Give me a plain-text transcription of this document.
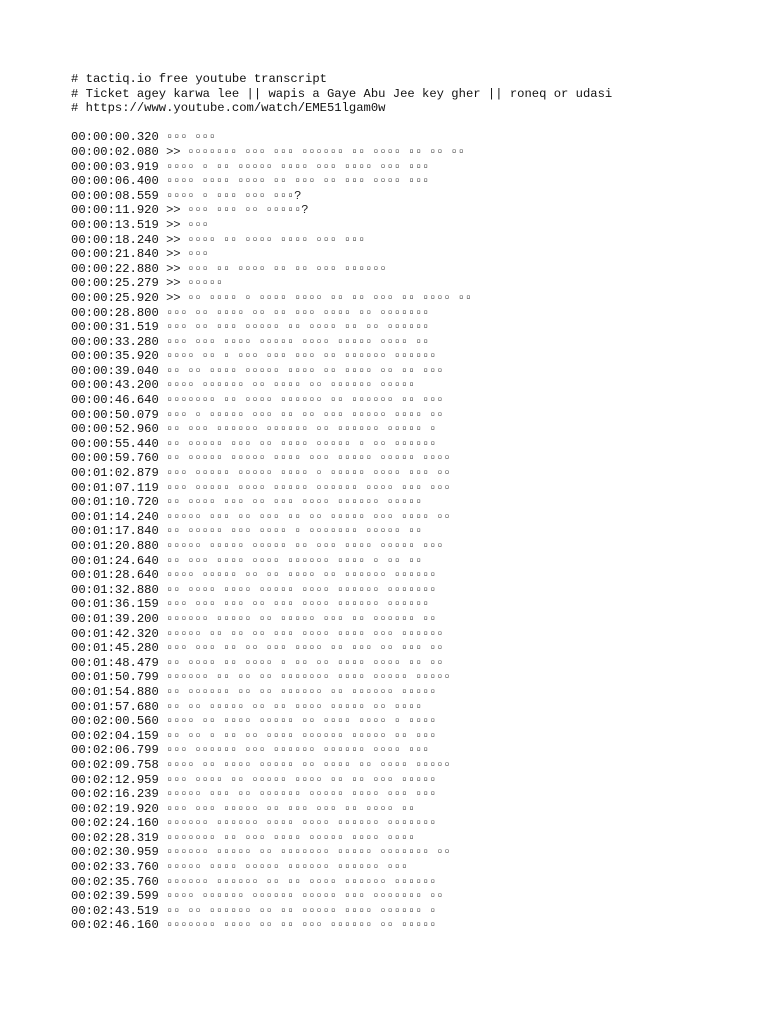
# tactiq.io free youtube transcript
# Ticket agey karwa lee || wapis a Gaye Abu Jee key gher || roneq or udasi
# https://www.youtube.com/watch/EME51lgam0w
00:00:00.320 ▫▫▫ ▫▫▫
00:00:02.080 >> ▫▫▫▫▫▫▫ ▫▫▫ ▫▫▫ ▫▫▫▫▫▫ ▫▫ ▫▫▫▫ ▫▫ ▫▫ ▫▫
00:00:03.919 ▫▫▫▫ ▫ ▫▫ ▫▫▫▫▫ ▫▫▫▫ ▫▫▫ ▫▫▫▫ ▫▫▫ ▫▫▫
00:00:06.400 ▫▫▫▫ ▫▫▫▫ ▫▫▫▫ ▫▫ ▫▫▫ ▫▫ ▫▫▫ ▫▫▫▫ ▫▫▫
00:00:08.559 ▫▫▫▫ ▫ ▫▫▫ ▫▫▫ ▫▫▫?
00:00:11.920 >> ▫▫▫ ▫▫▫ ▫▫ ▫▫▫▫▫?
00:00:13.519 >> ▫▫▫
00:00:18.240 >> ▫▫▫▫ ▫▫ ▫▫▫▫ ▫▫▫▫ ▫▫▫ ▫▫▫
00:00:21.840 >> ▫▫▫
00:00:22.880 >> ▫▫▫ ▫▫ ▫▫▫▫ ▫▫ ▫▫ ▫▫▫ ▫▫▫▫▫▫
00:00:25.279 >> ▫▫▫▫▫
00:00:25.920 >> ▫▫ ▫▫▫▫ ▫ ▫▫▫▫ ▫▫▫▫ ▫▫ ▫▫ ▫▫▫ ▫▫ ▫▫▫▫ ▫▫
00:00:28.800 ▫▫▫ ▫▫ ▫▫▫▫ ▫▫ ▫▫ ▫▫▫ ▫▫▫▫ ▫▫ ▫▫▫▫▫▫▫
00:00:31.519 ▫▫▫ ▫▫ ▫▫▫ ▫▫▫▫▫ ▫▫ ▫▫▫▫ ▫▫ ▫▫ ▫▫▫▫▫▫
00:00:33.280 ▫▫▫ ▫▫▫ ▫▫▫▫ ▫▫▫▫▫ ▫▫▫▫ ▫▫▫▫▫ ▫▫▫▫ ▫▫
00:00:35.920 ▫▫▫▫ ▫▫ ▫ ▫▫▫ ▫▫▫ ▫▫▫ ▫▫ ▫▫▫▫▫▫ ▫▫▫▫▫▫
00:00:39.040 ▫▫ ▫▫ ▫▫▫▫ ▫▫▫▫▫ ▫▫▫▫ ▫▫ ▫▫▫▫ ▫▫ ▫▫ ▫▫▫
00:00:43.200 ▫▫▫▫ ▫▫▫▫▫▫ ▫▫ ▫▫▫▫ ▫▫ ▫▫▫▫▫▫ ▫▫▫▫▫
00:00:46.640 ▫▫▫▫▫▫▫ ▫▫ ▫▫▫▫ ▫▫▫▫▫▫ ▫▫ ▫▫▫▫▫▫ ▫▫ ▫▫▫
00:00:50.079 ▫▫▫ ▫ ▫▫▫▫▫ ▫▫▫ ▫▫ ▫▫ ▫▫▫ ▫▫▫▫▫ ▫▫▫▫ ▫▫
00:00:52.960 ▫▫ ▫▫▫ ▫▫▫▫▫▫ ▫▫▫▫▫▫ ▫▫ ▫▫▫▫▫▫ ▫▫▫▫▫ ▫
00:00:55.440 ▫▫ ▫▫▫▫▫ ▫▫▫ ▫▫ ▫▫▫▫ ▫▫▫▫▫ ▫ ▫▫ ▫▫▫▫▫▫
00:00:59.760 ▫▫ ▫▫▫▫▫ ▫▫▫▫▫ ▫▫▫▫ ▫▫▫ ▫▫▫▫▫ ▫▫▫▫▫ ▫▫▫▫
00:01:02.879 ▫▫▫ ▫▫▫▫▫ ▫▫▫▫▫ ▫▫▫▫ ▫ ▫▫▫▫▫ ▫▫▫▫ ▫▫▫ ▫▫
00:01:07.119 ▫▫▫ ▫▫▫▫▫ ▫▫▫▫ ▫▫▫▫▫ ▫▫▫▫▫▫ ▫▫▫▫ ▫▫▫ ▫▫▫
00:01:10.720 ▫▫ ▫▫▫▫ ▫▫▫ ▫▫ ▫▫▫ ▫▫▫▫ ▫▫▫▫▫▫ ▫▫▫▫▫
00:01:14.240 ▫▫▫▫▫ ▫▫▫ ▫▫ ▫▫▫ ▫▫ ▫▫ ▫▫▫▫▫ ▫▫▫ ▫▫▫▫ ▫▫
00:01:17.840 ▫▫ ▫▫▫▫▫ ▫▫▫ ▫▫▫▫ ▫ ▫▫▫▫▫▫▫ ▫▫▫▫▫ ▫▫
00:01:20.880 ▫▫▫▫▫ ▫▫▫▫▫ ▫▫▫▫▫ ▫▫ ▫▫▫ ▫▫▫▫ ▫▫▫▫▫ ▫▫▫
00:01:24.640 ▫▫ ▫▫▫ ▫▫▫▫ ▫▫▫▫ ▫▫▫▫▫▫ ▫▫▫▫ ▫ ▫▫ ▫▫
00:01:28.640 ▫▫▫▫ ▫▫▫▫▫ ▫▫ ▫▫ ▫▫▫▫ ▫▫ ▫▫▫▫▫▫ ▫▫▫▫▫▫
00:01:32.880 ▫▫ ▫▫▫▫ ▫▫▫▫ ▫▫▫▫▫ ▫▫▫▫ ▫▫▫▫▫▫ ▫▫▫▫▫▫▫
00:01:36.159 ▫▫▫ ▫▫▫ ▫▫▫ ▫▫ ▫▫▫ ▫▫▫▫ ▫▫▫▫▫▫ ▫▫▫▫▫▫
00:01:39.200 ▫▫▫▫▫▫ ▫▫▫▫▫ ▫▫ ▫▫▫▫▫ ▫▫▫ ▫▫ ▫▫▫▫▫▫ ▫▫
00:01:42.320 ▫▫▫▫▫ ▫▫ ▫▫ ▫▫ ▫▫▫ ▫▫▫▫ ▫▫▫▫ ▫▫▫ ▫▫▫▫▫▫
00:01:45.280 ▫▫▫ ▫▫▫ ▫▫ ▫▫ ▫▫▫ ▫▫▫▫ ▫▫ ▫▫▫ ▫▫ ▫▫▫ ▫▫
00:01:48.479 ▫▫ ▫▫▫▫ ▫▫ ▫▫▫▫ ▫ ▫▫ ▫▫ ▫▫▫▫ ▫▫▫▫ ▫▫ ▫▫
00:01:50.799 ▫▫▫▫▫▫ ▫▫ ▫▫ ▫▫ ▫▫▫▫▫▫▫ ▫▫▫▫ ▫▫▫▫▫ ▫▫▫▫▫
00:01:54.880 ▫▫ ▫▫▫▫▫▫ ▫▫ ▫▫ ▫▫▫▫▫▫ ▫▫ ▫▫▫▫▫▫ ▫▫▫▫▫
00:01:57.680 ▫▫ ▫▫ ▫▫▫▫▫ ▫▫ ▫▫ ▫▫▫▫ ▫▫▫▫▫ ▫▫ ▫▫▫▫
00:02:00.560 ▫▫▫▫ ▫▫ ▫▫▫▫ ▫▫▫▫▫ ▫▫ ▫▫▫▫ ▫▫▫▫ ▫ ▫▫▫▫
00:02:04.159 ▫▫ ▫▫ ▫ ▫▫ ▫▫ ▫▫▫▫ ▫▫▫▫▫▫ ▫▫▫▫▫ ▫▫ ▫▫▫
00:02:06.799 ▫▫▫ ▫▫▫▫▫▫ ▫▫▫ ▫▫▫▫▫▫ ▫▫▫▫▫▫ ▫▫▫▫ ▫▫▫
00:02:09.758 ▫▫▫▫ ▫▫ ▫▫▫▫ ▫▫▫▫▫ ▫▫ ▫▫▫▫ ▫▫ ▫▫▫▫ ▫▫▫▫▫
00:02:12.959 ▫▫▫ ▫▫▫▫ ▫▫ ▫▫▫▫▫ ▫▫▫▫ ▫▫ ▫▫ ▫▫▫ ▫▫▫▫▫
00:02:16.239 ▫▫▫▫▫ ▫▫▫ ▫▫ ▫▫▫▫▫▫ ▫▫▫▫▫ ▫▫▫▫ ▫▫▫ ▫▫▫
00:02:19.920 ▫▫▫ ▫▫▫ ▫▫▫▫▫ ▫▫ ▫▫▫ ▫▫▫ ▫▫ ▫▫▫▫ ▫▫
00:02:24.160 ▫▫▫▫▫▫ ▫▫▫▫▫▫ ▫▫▫▫ ▫▫▫▫ ▫▫▫▫▫▫ ▫▫▫▫▫▫▫
00:02:28.319 ▫▫▫▫▫▫▫ ▫▫ ▫▫▫ ▫▫▫▫ ▫▫▫▫▫ ▫▫▫▫ ▫▫▫▫
00:02:30.959 ▫▫▫▫▫▫ ▫▫▫▫▫ ▫▫ ▫▫▫▫▫▫▫ ▫▫▫▫▫ ▫▫▫▫▫▫▫ ▫▫
00:02:33.760 ▫▫▫▫▫ ▫▫▫▫ ▫▫▫▫▫ ▫▫▫▫▫▫ ▫▫▫▫▫▫ ▫▫▫
00:02:35.760 ▫▫▫▫▫▫ ▫▫▫▫▫▫ ▫▫ ▫▫ ▫▫▫▫ ▫▫▫▫▫▫ ▫▫▫▫▫▫
00:02:39.599 ▫▫▫▫ ▫▫▫▫▫▫ ▫▫▫▫▫▫ ▫▫▫▫▫ ▫▫▫ ▫▫▫▫▫▫▫ ▫▫
00:02:43.519 ▫▫ ▫▫ ▫▫▫▫▫▫ ▫▫ ▫▫ ▫▫▫▫▫ ▫▫▫▫ ▫▫▫▫▫▫ ▫
00:02:46.160 ▫▫▫▫▫▫▫ ▫▫▫▫ ▫▫ ▫▫ ▫▫▫ ▫▫▫▫▫▫ ▫▫ ▫▫▫▫▫
